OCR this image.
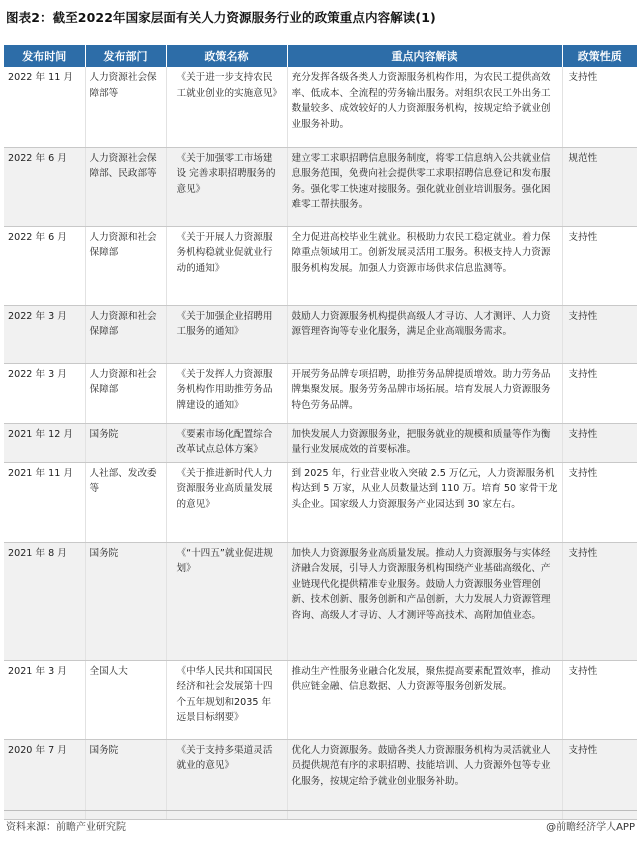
图表2：截至2022年国家层面有关人力资源服务行业的政策重点内容解读(1)
发布时间	发布部门	政策名称	重点内容解读	政策性质
2022 年 11 月	人力资源社会保障部等	《关于进一步支持农民工就业创业的实施意见》	充分发挥各级各类人力资源服务机构作用，为农民工提供高效率、低成本、全流程的劳务输出服务。对组织农民工外出务工数量较多、成效较好的人力资源服务机构，按规定给予就业创业服务补助。	支持性
2022 年 6 月	人力资源社会保障部、民政部等	《关于加强零工市场建设 完善求职招聘服务的意见》	建立零工求职招聘信息服务制度，将零工信息纳入公共就业信息服务范围，免费向社会提供零工求职招聘信息登记和发布服务。强化零工快速对接服务。强化就业创业培训服务。强化困难零工帮扶服务。	规范性
2022 年 6 月	人力资源和社会保障部	《关于开展人力资源服务机构稳就业促就业行动的通知》	全力促进高校毕业生就业。积极助力农民工稳定就业。着力保障重点领域用工。创新发展灵活用工服务。积极支持人力资源服务机构发展。加强人力资源市场供求信息监测等。	支持性
2022 年 3 月	人力资源和社会保障部	《关于加强企业招聘用工服务的通知》	鼓励人力资源服务机构提供高级人才寻访、人才测评、人力资源管理咨询等专业化服务，满足企业高端服务需求。	支持性
2022 年 3 月	人力资源和社会保障部	《关于发挥人力资源服务机构作用助推劳务品牌建设的通知》	开展劳务品牌专项招聘，助推劳务品牌提质增效。助力劳务品牌集聚发展。服务劳务品牌市场拓展。培育发展人力资源服务特色劳务品牌。	支持性
2021 年 12 月	国务院	《要素市场化配置综合改革试点总体方案》	加快发展人力资源服务业，把服务就业的规模和质量等作为衡量行业发展成效的首要标准。	支持性
2021 年 11 月	人社部、发改委等	《关于推进新时代人力资源服务业高质量发展的意见》	到 2025 年，行业营业收入突破 2.5 万亿元，人力资源服务机构达到 5 万家，从业人员数量达到 110 万。培育 50 家骨干龙头企业。国家级人力资源服务产业园达到 30 家左右。	支持性
2021 年 8 月	国务院	《“十四五”就业促进规划》	加快人力资源服务业高质量发展。推动人力资源服务与实体经济融合发展，引导人力资源服务机构围绕产业基础高级化、产业链现代化提供精准专业服务。鼓励人力资源服务业管理创新、技术创新、服务创新和产品创新，大力发展人力资源管理咨询、高级人才寻访、人才测评等高技术、高附加值业态。	支持性
2021 年 3 月	全国人大	《中华人民共和国国民经济和社会发展第十四个五年规划和2035 年远景目标纲要》	推动生产性服务业融合化发展，聚焦提高要素配置效率，推动供应链金融、信息数据、人力资源等服务创新发展。	支持性
2020 年 7 月	国务院	《关于支持多渠道灵活就业的意见》	优化人力资源服务。鼓励各类人力资源服务机构为灵活就业人员提供规范有序的求职招聘、技能培训、人力资源外包等专业化服务，按规定给予就业创业服务补助。	支持性
资料来源：前瞻产业研究院	@前瞻经济学人APP
